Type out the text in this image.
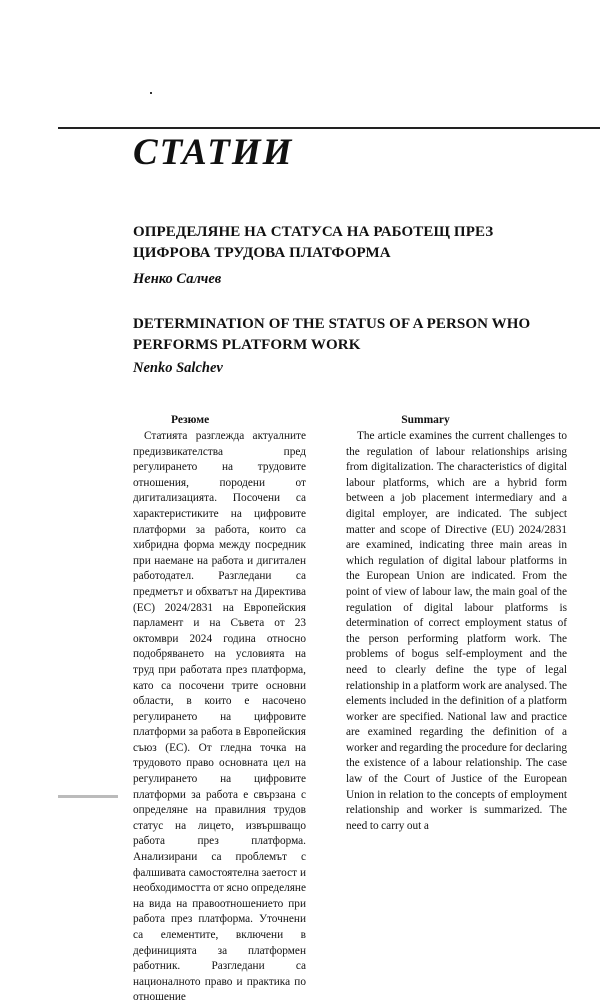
СТАТИИ
ОПРЕДЕЛЯНЕ НА СТАТУСА НА РАБОТЕЩ ПРЕЗ ЦИФРОВА ТРУДОВА ПЛАТФОРМА
Ненко Салчев
DETERMINATION OF THE STATUS OF A PERSON WHO PERFORMS PLATFORM WORK
Nenko Salchev
Резюме

Статията разглежда актуалните предизвикателства пред регулирането на трудовите отношения, породени от дигитализацията. Посочени са характеристиките на цифровите платформи за работа, които са хибридна форма между посредник при наемане на работа и дигитален работодател. Разгледани са предметът и обхватът на Директива (ЕС) 2024/2831 на Европейския парламент и на Съвета от 23 октомври 2024 година относно подобряването на условията на труд при работата през платформа, като са посочени трите основни области, в които е насочено регулирането на цифровите платформи за работа в Европейския съюз (ЕС). От гледна точка на трудовото право основната цел на регулирането на цифровите платформи за работа е свързана с определяне на правилния трудов статус на лицето, извършващо работа през платформа. Анализирани са проблемът с фалшивата самостоятелна заетост и необходимостта от ясно определяне на вида на правоотношението при работа през платформа. Уточнени са елементите, включени в дефиницията за платформен работник. Разгледани са националното право и практика по отношение

Summary

The article examines the current challenges to the regulation of labour relationships arising from digitalization. The characteristics of digital labour platforms, which are a hybrid form between a job placement intermediary and a digital employer, are indicated. The subject matter and scope of Directive (EU) 2024/2831 are examined, indicating three main areas in which regulation of digital labour platforms in the European Union are indicated. From the point of view of labour law, the main goal of the regulation of digital labour platforms is determination of correct employment status of the person performing platform work. The problems of bogus self-employment and the need to clearly define the type of legal relationship in a platform work are analysed. The elements included in the definition of a platform worker are specified. National law and practice are examined regarding the definition of a worker and regarding the procedure for declaring the existence of a labour relationship. The case law of the Court of Justice of the European Union in relation to the concepts of employment relationship and worker is summarized. The need to carry out a
